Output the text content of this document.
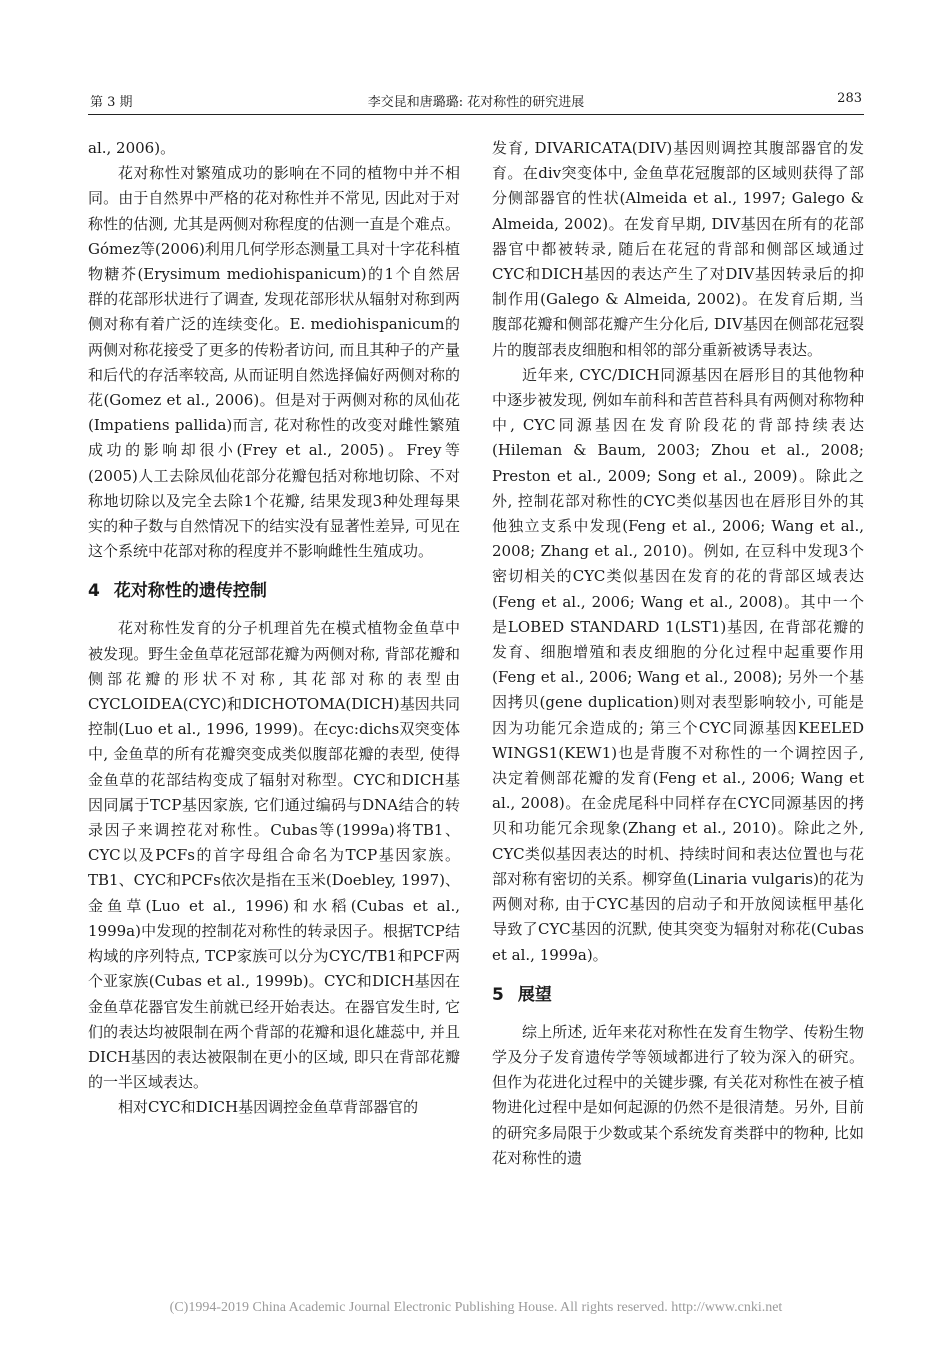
第 3 期	李交昆和唐璐璐: 花对称性的研究进展	283

al., 2006)。

花对称性对繁殖成功的影响在不同的植物中并不相同。由于自然界中严格的花对称性并不常见, 因此对于对称性的估测, 尤其是两侧对称程度的估测一直是个难点。Gómez等(2006)利用几何学形态测量工具对十字花科植物糖芥(Erysimum mediohispanicum)的1个自然居群的花部形状进行了调查, 发现花部形状从辐射对称到两侧对称有着广泛的连续变化。E. mediohispanicum的两侧对称花接受了更多的传粉者访问, 而且其种子的产量和后代的存活率较高, 从而证明自然选择偏好两侧对称的花(Gomez et al., 2006)。但是对于两侧对称的凤仙花(Impatiens pallida)而言, 花对称性的改变对雌性繁殖成功的影响却很小(Frey et al., 2005)。Frey等(2005)人工去除凤仙花部分花瓣包括对称地切除、不对称地切除以及完全去除1个花瓣, 结果发现3种处理每果实的种子数与自然情况下的结实没有显著性差异, 可见在这个系统中花部对称的程度并不影响雌性生殖成功。

4 花对称性的遗传控制

花对称性发育的分子机理首先在模式植物金鱼草中被发现。野生金鱼草花冠部花瓣为两侧对称, 背部花瓣和侧部花瓣的形状不对称, 其花部对称的表型由CYCLOIDEA(CYC)和DICHOTOMA(DICH)基因共同控制(Luo et al., 1996, 1999)。在cyc:dichs双突变体中, 金鱼草的所有花瓣突变成类似腹部花瓣的表型, 使得金鱼草的花部结构变成了辐射对称型。CYC和DICH基因同属于TCP基因家族, 它们通过编码与DNA结合的转录因子来调控花对称性。Cubas等(1999a)将TB1、CYC以及PCFs的首字母组合命名为TCP基因家族。TB1、CYC和PCFs依次是指在玉米(Doebley, 1997)、金鱼草(Luo et al., 1996)和水稻(Cubas et al., 1999a)中发现的控制花对称性的转录因子。根据TCP结构域的序列特点, TCP家族可以分为CYC/TB1和PCF两个亚家族(Cubas et al., 1999b)。CYC和DICH基因在金鱼草花器官发生前就已经开始表达。在器官发生时, 它们的表达均被限制在两个背部的花瓣和退化雄蕊中, 并且DICH基因的表达被限制在更小的区域, 即只在背部花瓣的一半区域表达。

相对CYC和DICH基因调控金鱼草背部器官的

发育, DIVARICATA(DIV)基因则调控其腹部器官的发育。在div突变体中, 金鱼草花冠腹部的区域则获得了部分侧部器官的性状(Almeida et al., 1997; Galego & Almeida, 2002)。在发育早期, DIV基因在所有的花部器官中都被转录, 随后在花冠的背部和侧部区域通过CYC和DICH基因的表达产生了对DIV基因转录后的抑制作用(Galego & Almeida, 2002)。在发育后期, 当腹部花瓣和侧部花瓣产生分化后, DIV基因在侧部花冠裂片的腹部表皮细胞和相邻的部分重新被诱导表达。

近年来, CYC/DICH同源基因在唇形目的其他物种中逐步被发现, 例如车前科和苦苣苔科具有两侧对称物种中, CYC同源基因在发育阶段花的背部持续表达(Hileman & Baum, 2003; Zhou et al., 2008; Preston et al., 2009; Song et al., 2009)。除此之外, 控制花部对称性的CYC类似基因也在唇形目外的其他独立支系中发现(Feng et al., 2006; Wang et al., 2008; Zhang et al., 2010)。例如, 在豆科中发现3个密切相关的CYC类似基因在发育的花的背部区域表达(Feng et al., 2006; Wang et al., 2008)。其中一个是LOBED STANDARD 1(LST1)基因, 在背部花瓣的发育、细胞增殖和表皮细胞的分化过程中起重要作用(Feng et al., 2006; Wang et al., 2008); 另外一个基因拷贝(gene duplication)则对表型影响较小, 可能是因为功能冗余造成的; 第三个CYC同源基因KEELED WINGS1(KEW1)也是背腹不对称性的一个调控因子, 决定着侧部花瓣的发育(Feng et al., 2006; Wang et al., 2008)。在金虎尾科中同样存在CYC同源基因的拷贝和功能冗余现象(Zhang et al., 2010)。除此之外, CYC类似基因表达的时机、持续时间和表达位置也与花部对称有密切的关系。柳穿鱼(Linaria vulgaris)的花为两侧对称, 由于CYC基因的启动子和开放阅读框甲基化导致了CYC基因的沉默, 使其突变为辐射对称花(Cubas et al., 1999a)。

5 展望

综上所述, 近年来花对称性在发育生物学、传粉生物学及分子发育遗传学等领域都进行了较为深入的研究。但作为花进化过程中的关键步骤, 有关花对称性在被子植物进化过程中是如何起源的仍然不是很清楚。另外, 目前的研究多局限于少数或某个系统发育类群中的物种, 比如花对称性的遗

(C)1994-2019 China Academic Journal Electronic Publishing House. All rights reserved. http://www.cnki.net
